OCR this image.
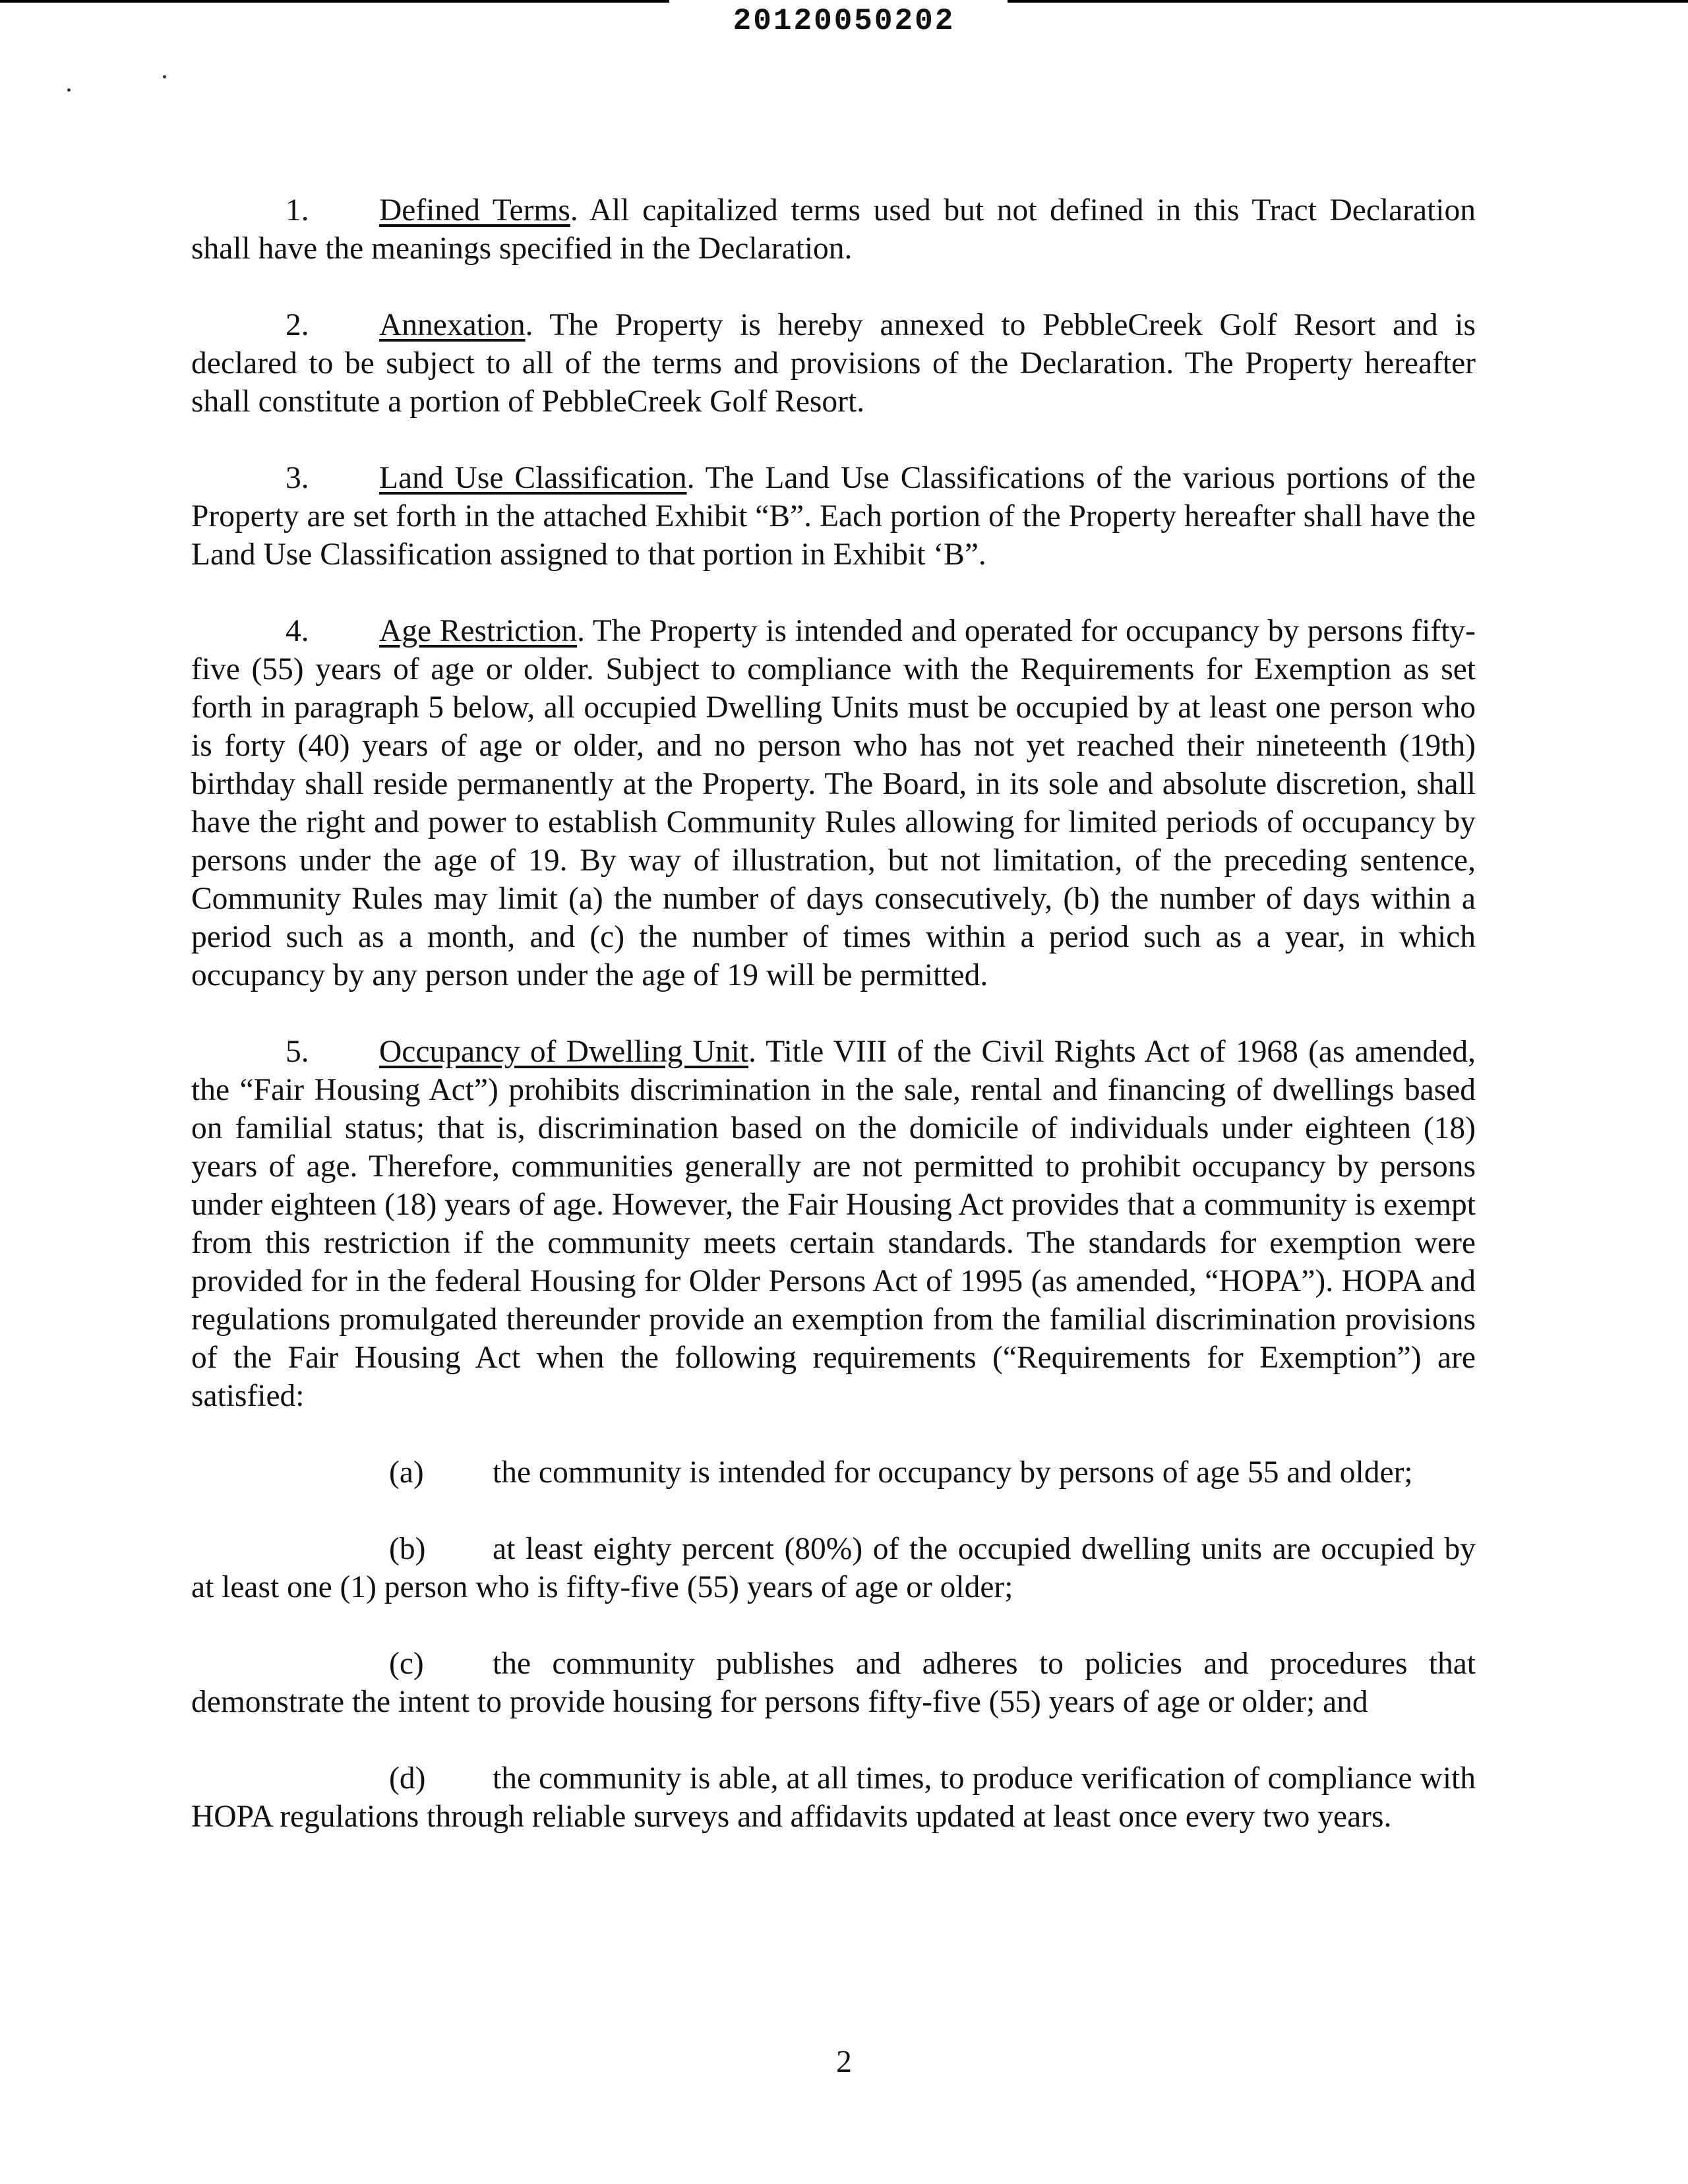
20120050202

1. Defined Terms. All capitalized terms used but not defined in this Tract Declaration shall have the meanings specified in the Declaration.

2. Annexation. The Property is hereby annexed to PebbleCreek Golf Resort and is declared to be subject to all of the terms and provisions of the Declaration. The Property hereafter shall constitute a portion of PebbleCreek Golf Resort.

3. Land Use Classification. The Land Use Classifications of the various portions of the Property are set forth in the attached Exhibit “B”. Each portion of the Property hereafter shall have the Land Use Classification assigned to that portion in Exhibit ‘B”.

4. Age Restriction. The Property is intended and operated for occupancy by persons fifty-five (55) years of age or older. Subject to compliance with the Requirements for Exemption as set forth in paragraph 5 below, all occupied Dwelling Units must be occupied by at least one person who is forty (40) years of age or older, and no person who has not yet reached their nineteenth (19th) birthday shall reside permanently at the Property. The Board, in its sole and absolute discretion, shall have the right and power to establish Community Rules allowing for limited periods of occupancy by persons under the age of 19. By way of illustration, but not limitation, of the preceding sentence, Community Rules may limit (a) the number of days consecutively, (b) the number of days within a period such as a month, and (c) the number of times within a period such as a year, in which occupancy by any person under the age of 19 will be permitted.

5. Occupancy of Dwelling Unit. Title VIII of the Civil Rights Act of 1968 (as amended, the “Fair Housing Act”) prohibits discrimination in the sale, rental and financing of dwellings based on familial status; that is, discrimination based on the domicile of individuals under eighteen (18) years of age. Therefore, communities generally are not permitted to prohibit occupancy by persons under eighteen (18) years of age. However, the Fair Housing Act provides that a community is exempt from this restriction if the community meets certain standards. The standards for exemption were provided for in the federal Housing for Older Persons Act of 1995 (as amended, “HOPA”). HOPA and regulations promulgated thereunder provide an exemption from the familial discrimination provisions of the Fair Housing Act when the following requirements (“Requirements for Exemption”) are satisfied:

(a) the community is intended for occupancy by persons of age 55 and older;

(b) at least eighty percent (80%) of the occupied dwelling units are occupied by at least one (1) person who is fifty-five (55) years of age or older;

(c) the community publishes and adheres to policies and procedures that demonstrate the intent to provide housing for persons fifty-five (55) years of age or older; and

(d) the community is able, at all times, to produce verification of compliance with HOPA regulations through reliable surveys and affidavits updated at least once every two years.

2
